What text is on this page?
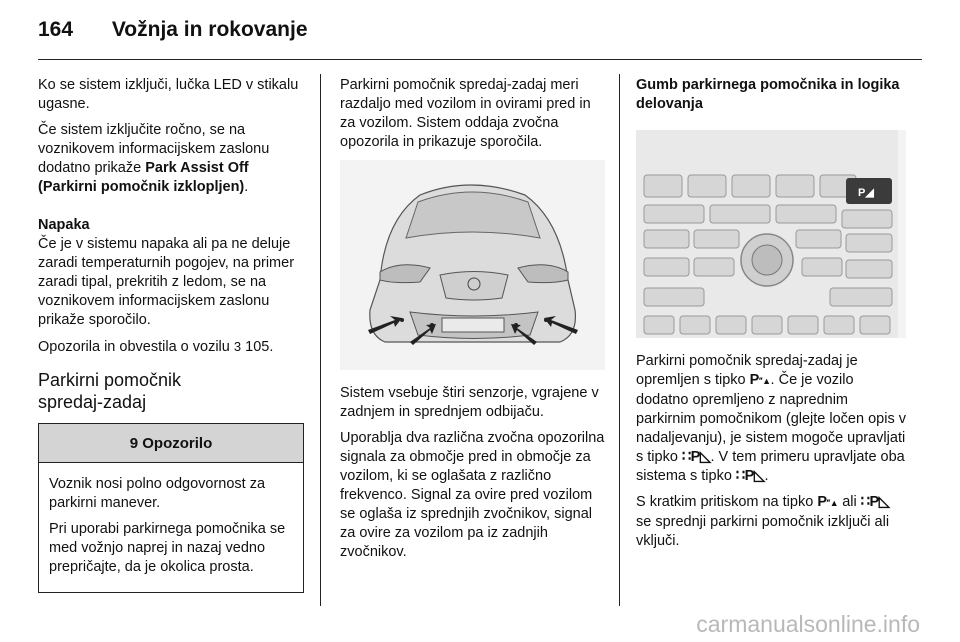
164 Vožnja in rokovanje

Ko se sistem izključi, lučka LED v stikalu ugasne.

Če sistem izključite ročno, se na voznikovem informacijskem zaslonu dodatno prikaže Park Assist Off (Parkirni pomočnik izklopljen).

Napaka

Če je v sistemu napaka ali pa ne deluje zaradi temperaturnih pogojev, na primer zaradi tipal, prekritih z ledom, se na voznikovem informacijskem zaslonu prikaže sporočilo.

Opozorila in obvestila o vozilu 3 105.

Parkirni pomočnik
spredaj-zadaj
9 Opozorilo

Voznik nosi polno odgovornost za parkirni manever.

Pri uporabi parkirnega pomočnika se med vožnjo naprej in nazaj vedno prepričajte, da je okolica prosta.

Parkirni pomočnik spredaj-zadaj meri razdaljo med vozilom in ovirami pred in za vozilom. Sistem oddaja zvočna opozorila in prikazuje sporočila.

Sistem vsebuje štiri senzorje, vgrajene v zadnjem in sprednjem odbijaču.

Uporablja dva različna zvočna opozorilna signala za območje pred in območje za vozilom, ki se oglašata z različno frekvenco. Signal za ovire pred vozilom se oglaša iz sprednjih zvočnikov, signal za ovire za vozilom pa iz zadnjih zvočnikov.

Gumb parkirnega pomočnika in logika delovanja
P◢

Parkirni pomočnik spredaj-zadaj je opremljen s tipko P′′▲. Če je vozilo dodatno opremljeno z naprednim parkirnim pomočnikom (glejte ločen opis v nadaljevanju), je sistem mogoče upravljati s tipko ∷P◺. V tem primeru upravljate oba sistema s tipko ∷P◺.

S kratkim pritiskom na tipko P′′▲ ali ∷P◺ se sprednji parkirni pomočnik izključi ali vključi.

carmanualsonline.info
